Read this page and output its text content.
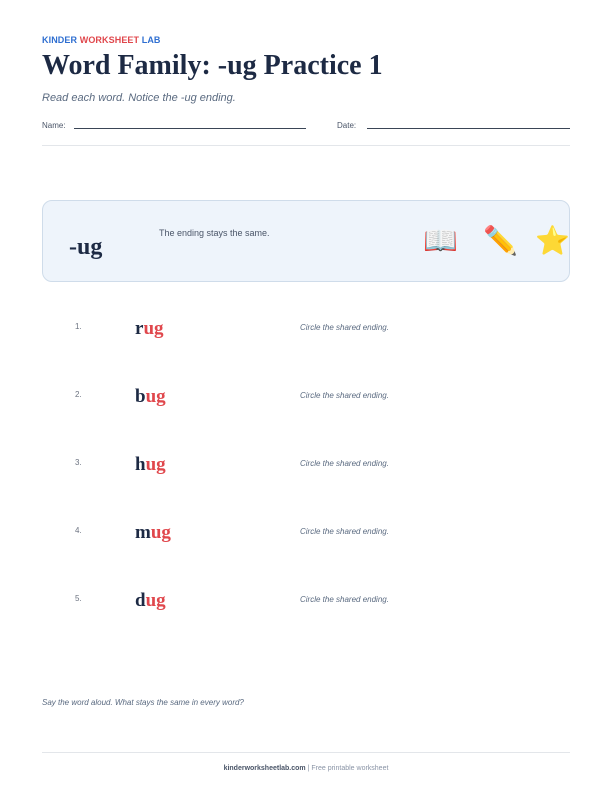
KINDER WORKSHEET LAB
Word Family: -ug Practice 1
Read each word. Notice the -ug ending.
Name:	Date:
-ug
The ending stays the same.	📖 ✏️ ⭐
1.	rug	Circle the shared ending.
2.	bug	Circle the shared ending.
3.	hug	Circle the shared ending.
4.	mug	Circle the shared ending.
5.	dug	Circle the shared ending.
Say the word aloud. What stays the same in every word?
kinderworksheetlab.com | Free printable worksheet
